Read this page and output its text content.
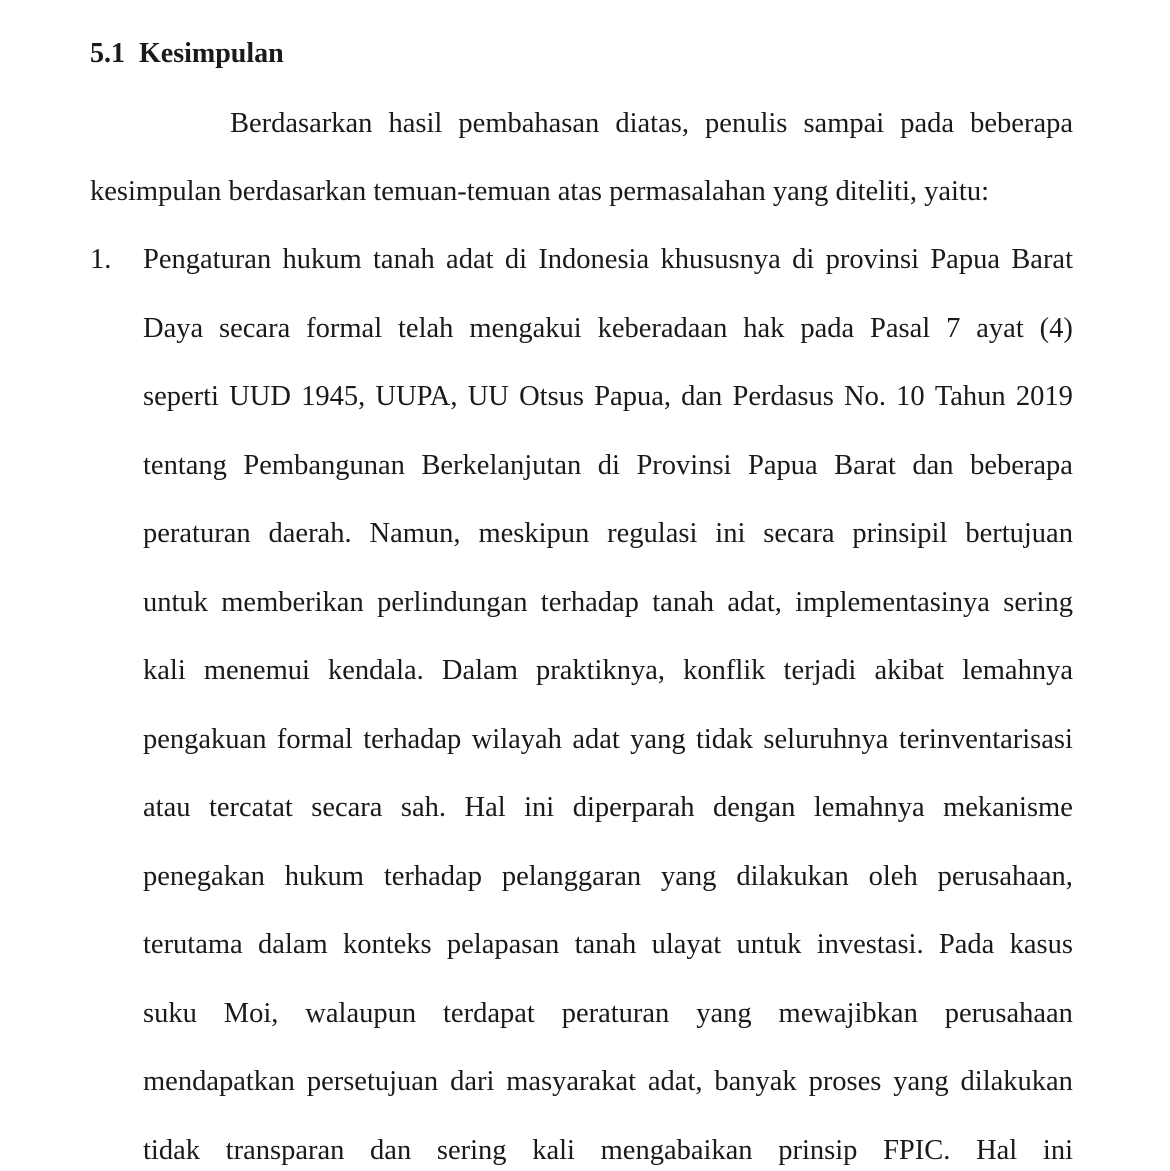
5.1 Kesimpulan
Berdasarkan hasil pembahasan diatas, penulis sampai pada beberapa
kesimpulan berdasarkan temuan-temuan atas permasalahan yang diteliti, yaitu:
1. Pengaturan hukum tanah adat di Indonesia khususnya di provinsi Papua Barat
Daya secara formal telah mengakui keberadaan hak pada Pasal 7 ayat (4)
seperti UUD 1945, UUPA, UU Otsus Papua, dan Perdasus No. 10 Tahun 2019
tentang Pembangunan Berkelanjutan di Provinsi Papua Barat dan beberapa
peraturan daerah. Namun, meskipun regulasi ini secara prinsipil bertujuan
untuk memberikan perlindungan terhadap tanah adat, implementasinya sering
kali menemui kendala. Dalam praktiknya, konflik terjadi akibat lemahnya
pengakuan formal terhadap wilayah adat yang tidak seluruhnya terinventarisasi
atau tercatat secara sah. Hal ini diperparah dengan lemahnya mekanisme
penegakan hukum terhadap pelanggaran yang dilakukan oleh perusahaan,
terutama dalam konteks pelapasan tanah ulayat untuk investasi. Pada kasus
suku Moi, walaupun terdapat peraturan yang mewajibkan perusahaan
mendapatkan persetujuan dari masyarakat adat, banyak proses yang dilakukan
tidak transparan dan sering kali mengabaikan prinsip FPIC. Hal ini
